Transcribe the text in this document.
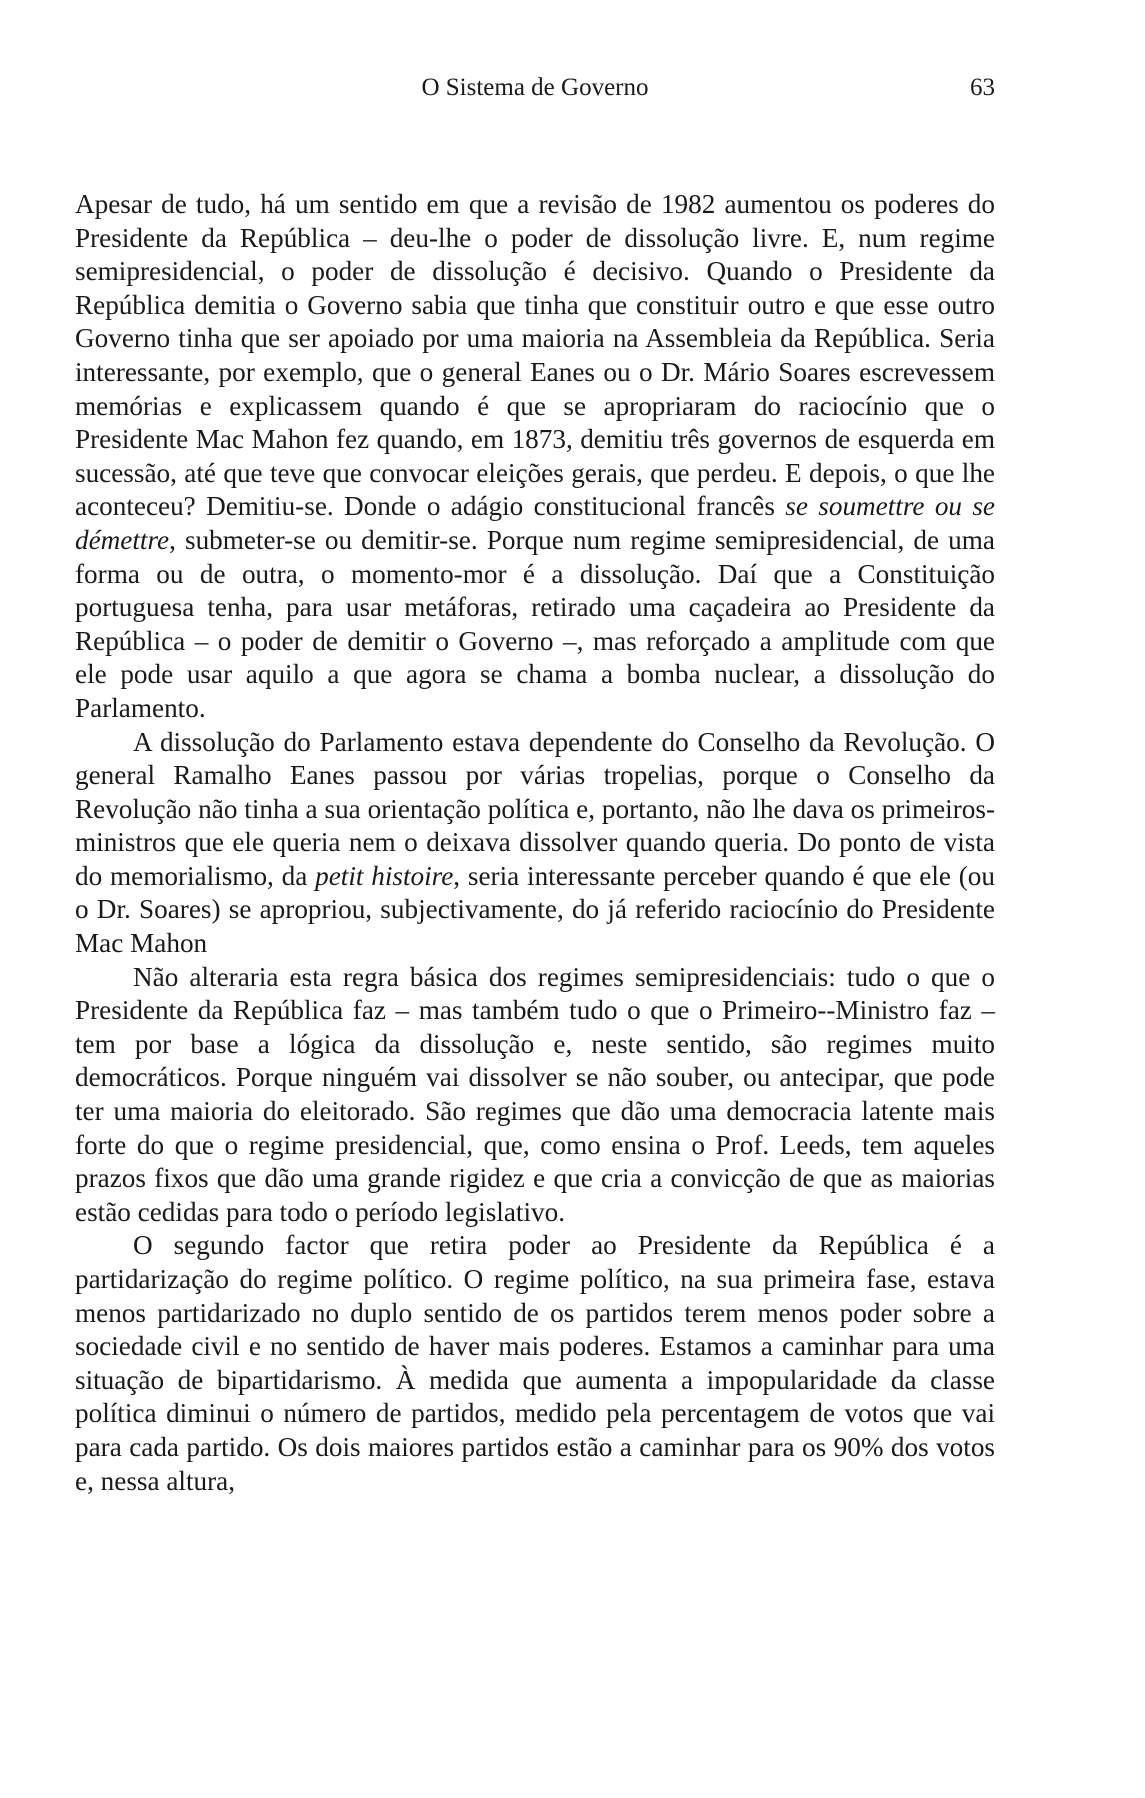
O Sistema de Governo	63

Apesar de tudo, há um sentido em que a revisão de 1982 aumentou os poderes do Presidente da República – deu-lhe o poder de dissolução livre. E, num regime semipresidencial, o poder de dissolução é decisivo. Quando o Presidente da República demitia o Governo sabia que tinha que constituir outro e que esse outro Governo tinha que ser apoiado por uma maioria na Assembleia da República. Seria interessante, por exemplo, que o general Eanes ou o Dr. Mário Soares escrevessem memórias e explicassem quando é que se apropriaram do raciocínio que o Presidente Mac Mahon fez quando, em 1873, demitiu três governos de esquerda em sucessão, até que teve que convocar eleições gerais, que perdeu. E depois, o que lhe aconteceu? Demitiu-se. Donde o adágio constitucional francês se soumettre ou se démettre, submeter-se ou demitir-se. Porque num regime semipresidencial, de uma forma ou de outra, o momento-mor é a dissolução. Daí que a Constituição portuguesa tenha, para usar metáforas, retirado uma caçadeira ao Presidente da República – o poder de demitir o Governo –, mas reforçado a amplitude com que ele pode usar aquilo a que agora se chama a bomba nuclear, a dissolução do Parlamento.

A dissolução do Parlamento estava dependente do Conselho da Revolução. O general Ramalho Eanes passou por várias tropelias, porque o Conselho da Revolução não tinha a sua orientação política e, portanto, não lhe dava os primeiros-ministros que ele queria nem o deixava dissolver quando queria. Do ponto de vista do memorialismo, da petit histoire, seria interessante perceber quando é que ele (ou o Dr. Soares) se apropriou, subjectivamente, do já referido raciocínio do Presidente Mac Mahon

Não alteraria esta regra básica dos regimes semipresidenciais: tudo o que o Presidente da República faz – mas também tudo o que o Primeiro--Ministro faz – tem por base a lógica da dissolução e, neste sentido, são regimes muito democráticos. Porque ninguém vai dissolver se não souber, ou antecipar, que pode ter uma maioria do eleitorado. São regimes que dão uma democracia latente mais forte do que o regime presidencial, que, como ensina o Prof. Leeds, tem aqueles prazos fixos que dão uma grande rigidez e que cria a convicção de que as maiorias estão cedidas para todo o período legislativo.

O segundo factor que retira poder ao Presidente da República é a partidarização do regime político. O regime político, na sua primeira fase, estava menos partidarizado no duplo sentido de os partidos terem menos poder sobre a sociedade civil e no sentido de haver mais poderes. Estamos a caminhar para uma situação de bipartidarismo. À medida que aumenta a impopularidade da classe política diminui o número de partidos, medido pela percentagem de votos que vai para cada partido. Os dois maiores partidos estão a caminhar para os 90% dos votos e, nessa altura,
